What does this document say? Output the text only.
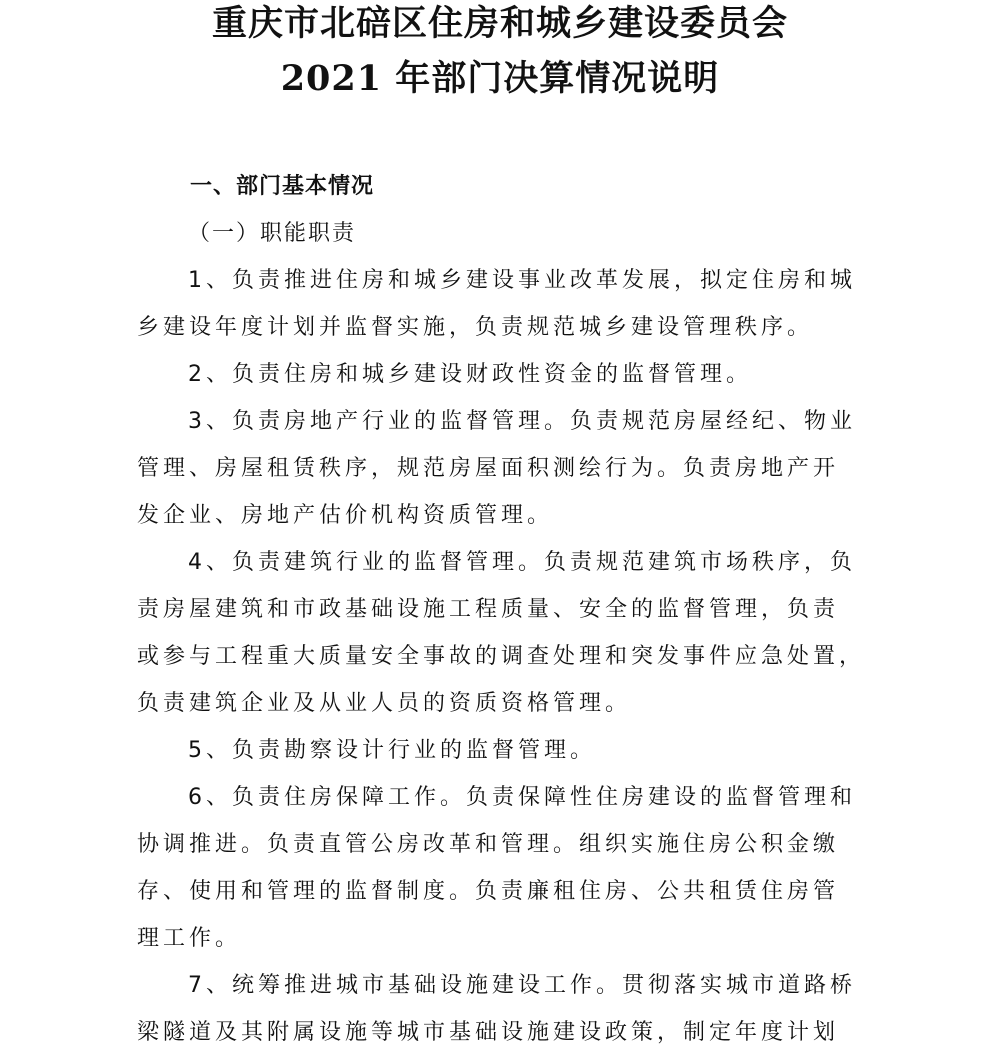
重庆市北碚区住房和城乡建设委员会
2021 年部门决算情况说明
一、部门基本情况
（一）职能职责
1、负责推进住房和城乡建设事业改革发展，拟定住房和城
乡建设年度计划并监督实施，负责规范城乡建设管理秩序。
2、负责住房和城乡建设财政性资金的监督管理。
3、负责房地产行业的监督管理。负责规范房屋经纪、物业
管理、房屋租赁秩序，规范房屋面积测绘行为。负责房地产开
发企业、房地产估价机构资质管理。
4、负责建筑行业的监督管理。负责规范建筑市场秩序，负
责房屋建筑和市政基础设施工程质量、安全的监督管理，负责
或参与工程重大质量安全事故的调查处理和突发事件应急处置，
负责建筑企业及从业人员的资质资格管理。
5、负责勘察设计行业的监督管理。
6、负责住房保障工作。负责保障性住房建设的监督管理和
协调推进。负责直管公房改革和管理。组织实施住房公积金缴
存、使用和管理的监督制度。负责廉租住房、公共租赁住房管
理工作。
7、统筹推进城市基础设施建设工作。贯彻落实城市道路桥
梁隧道及其附属设施等城市基础设施建设政策，制定年度计划
